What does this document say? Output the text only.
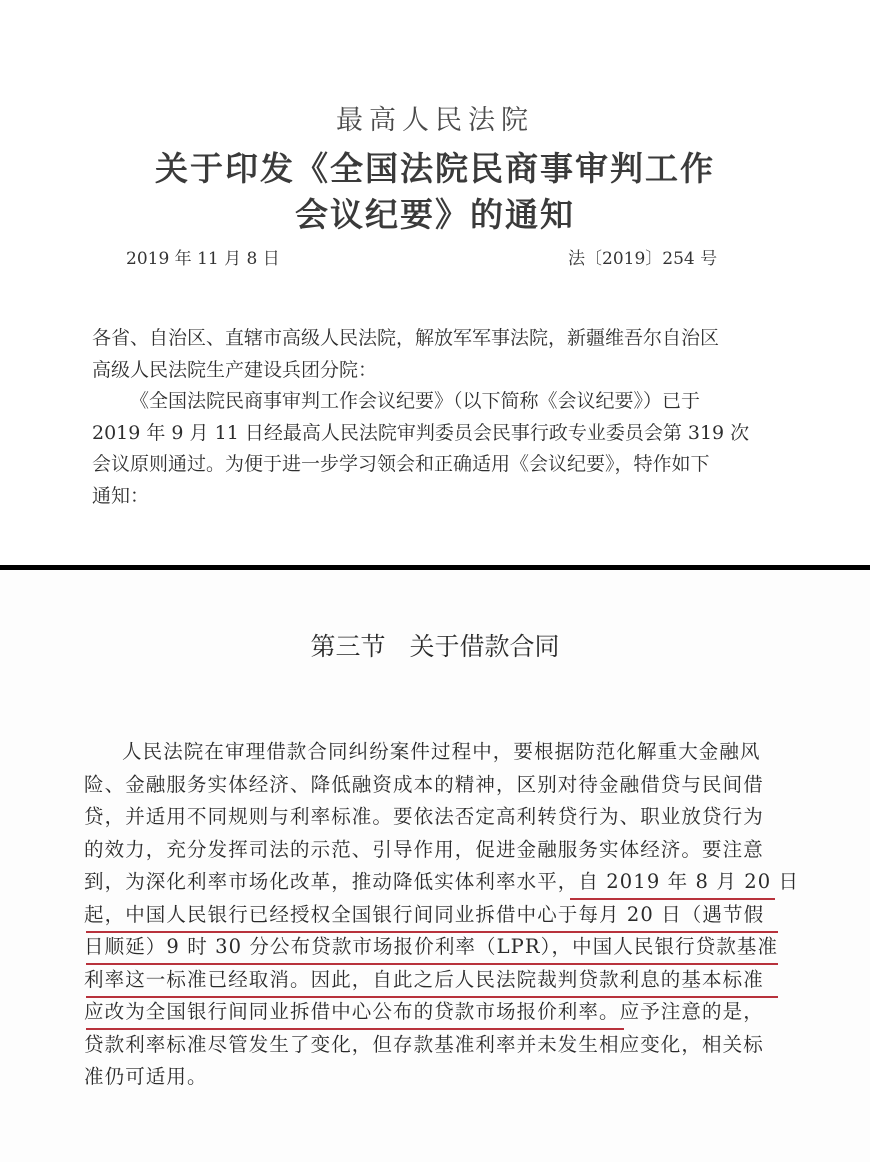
最高人民法院
关于印发《全国法院民商事审判工作
会议纪要》的通知
2019 年 11 月 8 日	法〔2019〕254 号
各省、自治区、直辖市高级人民法院，解放军军事法院，新疆维吾尔自治区
高级人民法院生产建设兵团分院：
《全国法院民商事审判工作会议纪要》（以下简称《会议纪要》）已于
2019 年 9 月 11 日经最高人民法院审判委员会民事行政专业委员会第 319 次
会议原则通过。为便于进一步学习领会和正确适用《会议纪要》，特作如下
通知：
第三节 关于借款合同
人民法院在审理借款合同纠纷案件过程中，要根据防范化解重大金融风
险、金融服务实体经济、降低融资成本的精神，区别对待金融借贷与民间借
贷，并适用不同规则与利率标准。要依法否定高利转贷行为、职业放贷行为
的效力，充分发挥司法的示范、引导作用，促进金融服务实体经济。要注意
到，为深化利率市场化改革，推动降低实体利率水平，自 2019 年 8 月 20 日
起，中国人民银行已经授权全国银行间同业拆借中心于每月 20 日（遇节假
日顺延）9 时 30 分公布贷款市场报价利率（LPR），中国人民银行贷款基准
利率这一标准已经取消。因此，自此之后人民法院裁判贷款利息的基本标准
应改为全国银行间同业拆借中心公布的贷款市场报价利率。应予注意的是，
贷款利率标准尽管发生了变化，但存款基准利率并未发生相应变化，相关标
准仍可适用。
